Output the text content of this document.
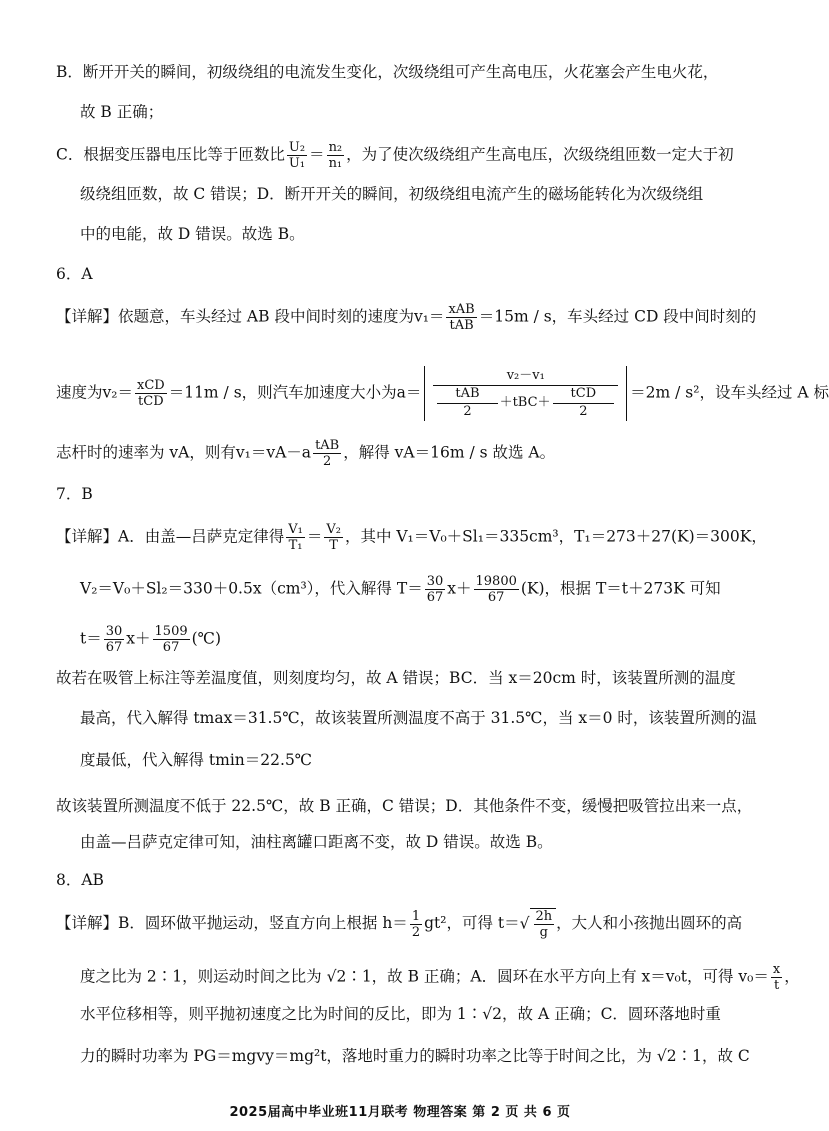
B．断开开关的瞬间，初级绕组的电流发生变化，次级绕组可产生高电压，火花塞会产生电火花，
故 B 正确；
C．根据变压器电压比等于匝数比 $\frac{\text{U₂}}{\text{U₁}} = \frac{\text{n₂}}{\text{n₁}}$ ，为了使次级绕组产生高电压，次级绕组匝数一定大于初
级绕组匝数，故 C 错误；D．断开开关的瞬间，初级绕组电流产生的磁场能转化为次级绕组
中的电能，故 D 错误。故选 B。
6．A
【详解】依题意，车头经过 AB 段中间时刻的速度为$v_1= \frac{\text{xAB}}{\text{tAB}} =15m / s$，车头经过 CD 段中间时刻的
速度为$v_2= \frac{\text{xCD}}{\text{tCD}} =11m / s$，则汽车加速度大小为$a= \frac{\text{v₂－v₁}}{\frac{\text{tAB}}{2} +tBC+ \frac{\text{tCD}}{2}} =2m / s^2$，设车头经过 A 标
志杆时的速率为 vA，则有$v_1=vA-a \frac{\text{tAB}}{2}$ ，解得 vA＝16m / s 故选 A。
7．B
【详解】A．由盖—吕萨克定律得 $\frac{\text{V₁}}{\text{T₁}} = \frac{\text{V₂}}{T}$ ，其中 V₁＝V₀＋Sl₁＝335cm³，T₁＝273＋27(K)＝300K，
V₂＝V₀＋Sl₂＝330＋0.5x（cm³），代入解得 $T= \frac{30}{67} x+ \frac{19800}{67} (K)$，根据 T＝t＋273K 可知
$t= \frac{30}{67} x+ \frac{1509}{67}$ (℃)
故若在吸管上标注等差温度值，则刻度均匀，故 A 错误；BC．当 x＝20cm 时，该装置所测的温度
最高，代入解得 tmax＝31.5℃，故该装置所测温度不高于 31.5℃，当 x＝0 时，该装置所测的温
度最低，代入解得 tmin＝22.5℃
故该装置所测温度不低于 22.5℃，故 B 正确，C 错误；D．其他条件不变，缓慢把吸管拉出来一点，
由盖—吕萨克定律可知，油柱离罐口距离不变，故 D 错误。故选 B。
8．AB
【详解】B．圆环做平抛运动，竖直方向上根据 $h= \frac{1}{2} gt^2$，可得 $t=√ \frac{2h}{g}$ ，大人和小孩抛出圆环的高
度之比为 2∶1，则运动时间之比为 √2∶1，故 B 正确；A．圆环在水平方向上有 x＝v₀t，可得 $v_0= \frac{x}{t}$ ，
水平位移相等，则平抛初速度之比为时间的反比，即为 1∶√2，故 A 正确；C．圆环落地时重
力的瞬时功率为 PG＝mgvy＝mg²t，落地时重力的瞬时功率之比等于时间之比，为 √2∶1，故 C
2025届高中毕业班11月联考 物理答案 第 2 页 共 6 页
